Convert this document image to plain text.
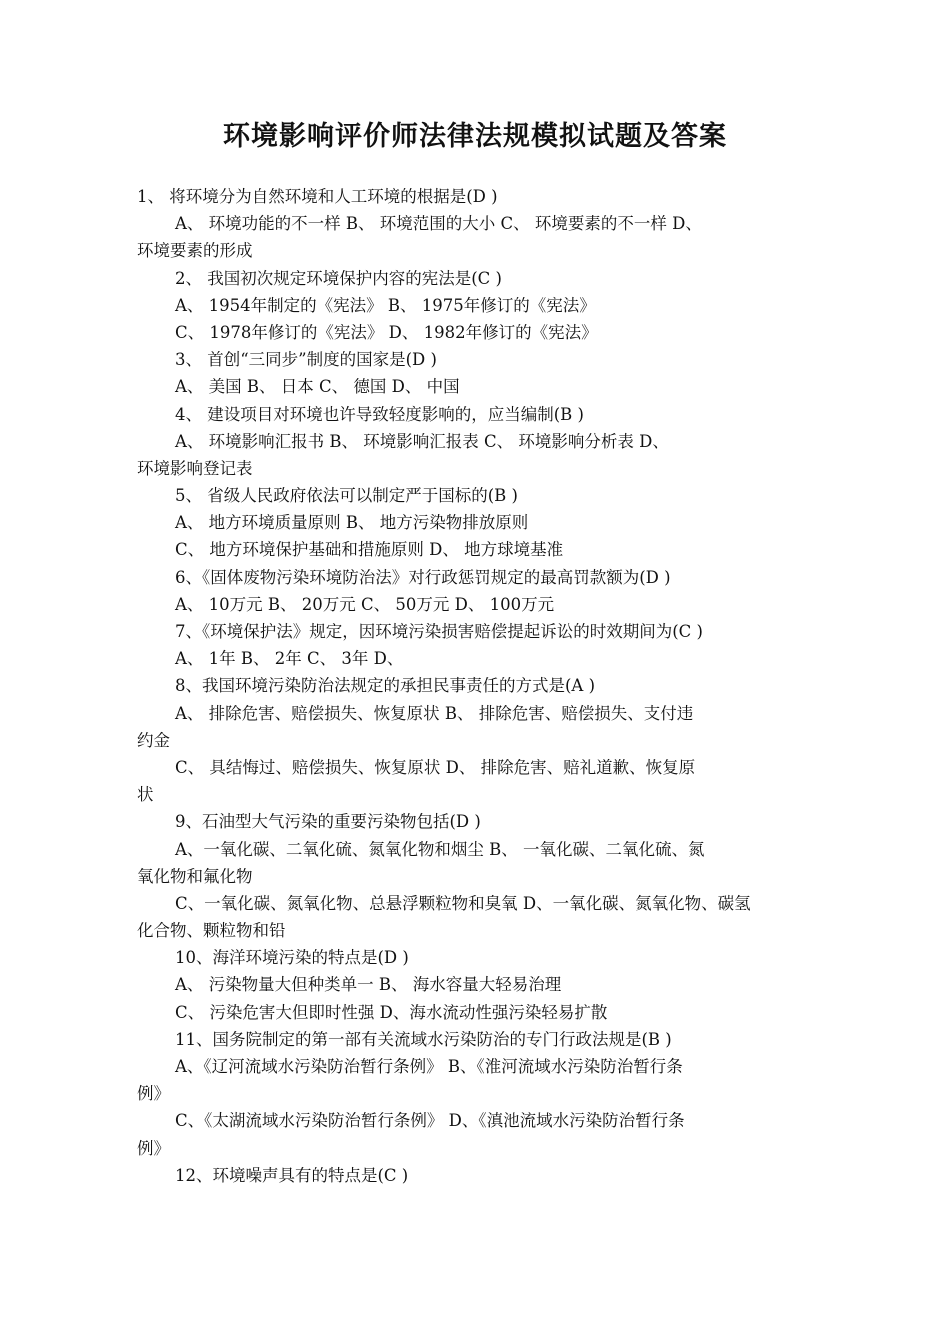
环境影响评价师法律法规模拟试题及答案
1、 将环境分为自然环境和人工环境的根据是(D )
A、 环境功能的不一样 B、 环境范围的大小 C、 环境要素的不一样 D、
环境要素的形成
2、 我国初次规定环境保护内容的宪法是(C )
A、 1954年制定的《宪法》 B、 1975年修订的《宪法》
C、 1978年修订的《宪法》 D、 1982年修订的《宪法》
3、 首创“三同步”制度的国家是(D )
A、 美国 B、 日本 C、 德国 D、 中国
4、 建设项目对环境也许导致轻度影响的，应当编制(B )
A、 环境影响汇报书 B、 环境影响汇报表 C、 环境影响分析表 D、
环境影响登记表
5、 省级人民政府依法可以制定严于国标的(B )
A、 地方环境质量原则 B、 地方污染物排放原则
C、 地方环境保护基础和措施原则 D、 地方球境基准
6、《固体废物污染环境防治法》对行政惩罚规定的最高罚款额为(D )
A、 10万元 B、 20万元 C、 50万元 D、 100万元
7、《环境保护法》规定，因环境污染损害赔偿提起诉讼的时效期间为(C )
A、 1年 B、 2年 C、 3年 D、
8、我国环境污染防治法规定的承担民事责任的方式是(A )
A、 排除危害、赔偿损失、恢复原状 B、 排除危害、赔偿损失、支付违
约金
C、 具结悔过、赔偿损失、恢复原状 D、 排除危害、赔礼道歉、恢复原
状
9、石油型大气污染的重要污染物包括(D )
A、一氧化碳、二氧化硫、氮氧化物和烟尘 B、 一氧化碳、二氧化硫、氮
氧化物和氟化物
C、一氧化碳、氮氧化物、总悬浮颗粒物和臭氧 D、一氧化碳、氮氧化物、碳氢
化合物、颗粒物和铅
10、海洋环境污染的特点是(D )
A、 污染物量大但种类单一 B、 海水容量大轻易治理
C、 污染危害大但即时性强 D、海水流动性强污染轻易扩散
11、国务院制定的第一部有关流域水污染防治的专门行政法规是(B )
A、《辽河流域水污染防治暂行条例》 B、《淮河流域水污染防治暂行条
例》
C、《太湖流域水污染防治暂行条例》 D、《滇池流域水污染防治暂行条
例》
12、环境噪声具有的特点是(C )
